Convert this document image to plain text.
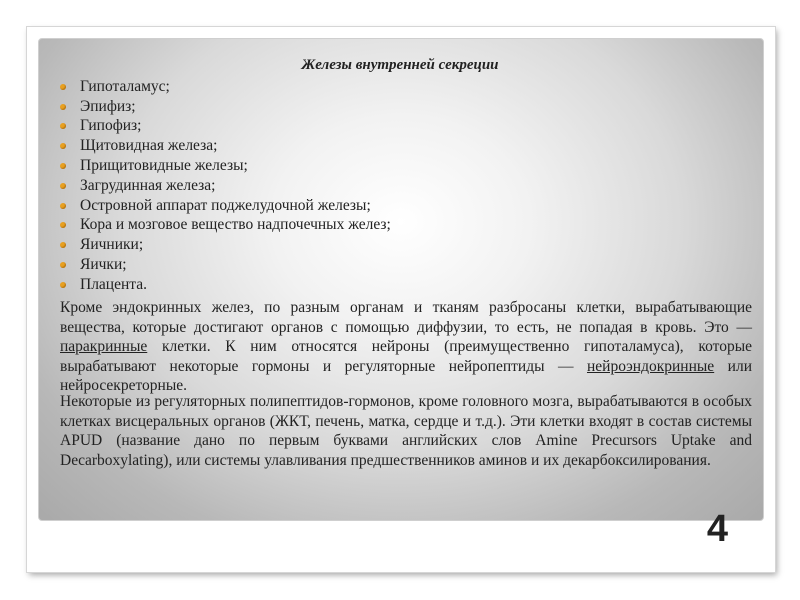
Железы внутренней секреции
Гипоталамус;
Эпифиз;
Гипофиз;
Щитовидная железа;
Прищитовидные железы;
Загрудинная железа;
Островной аппарат поджелудочной железы;
Кора и мозговое вещество надпочечных желез;
Яичники;
Яички;
Плацента.
Кроме эндокринных желез, по разным органам и тканям разбросаны клетки, вырабатывающие вещества, которые достигают органов с помощью диффузии, то есть, не попадая в кровь. Это — паракринные клетки. К ним относятся нейроны (преимущественно гипоталамуса), которые вырабатывают некоторые гормоны и регуляторные нейропептиды — нейроэндокринные или нейросекреторные.
Некоторые из регуляторных полипептидов-гормонов, кроме головного мозга, вырабатываются в особых клетках висцеральных органов (ЖКТ, печень, матка, сердце и т.д.). Эти клетки входят в состав системы APUD (название дано по первым буквами английских слов Amine Precursors Uptake and Decarboxylating), или системы улавливания предшественников аминов и их декарбоксилирования.
4
